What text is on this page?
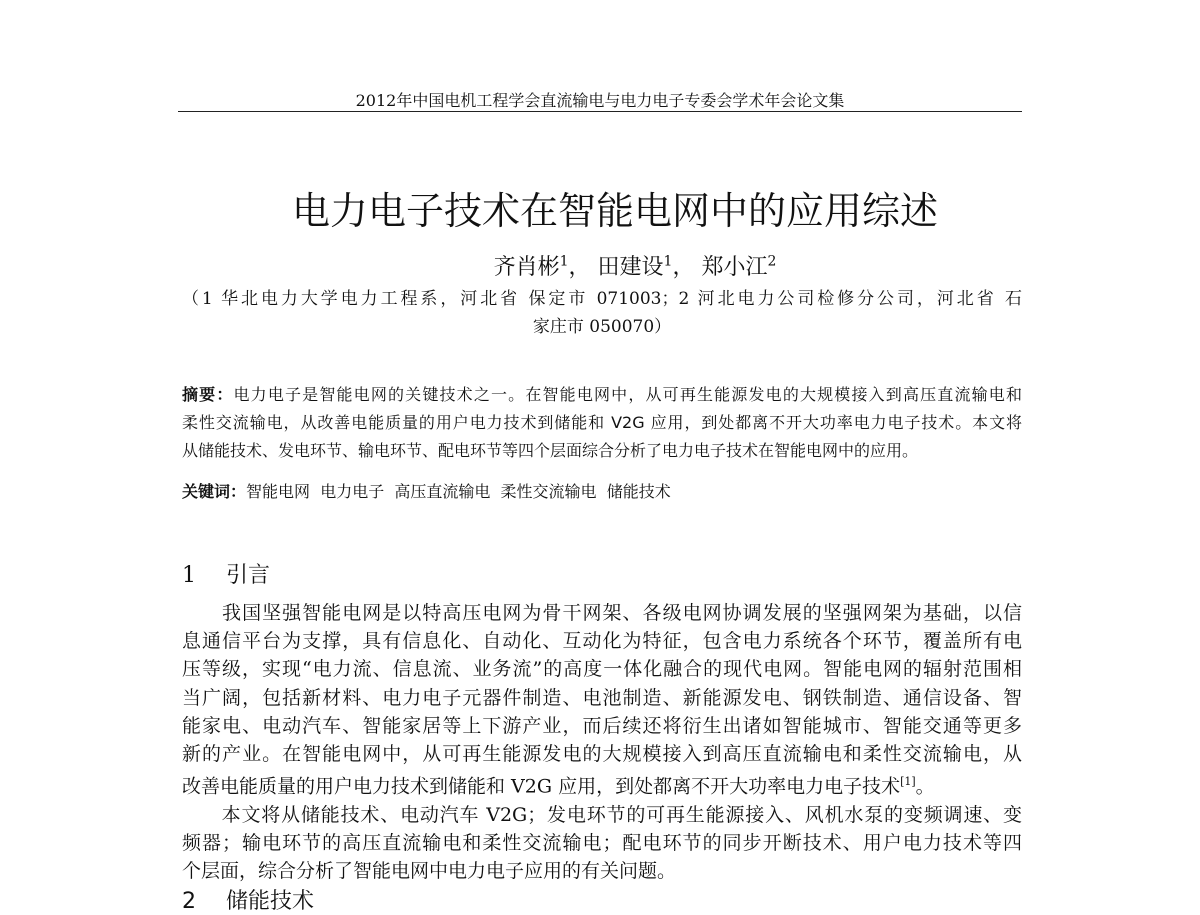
2012年中国电机工程学会直流输电与电力电子专委会学术年会论文集
电力电子技术在智能电网中的应用综述
齐肖彬$^1$， 田建设$^1$， 郑小江$^2$
（1 华北电力大学电力工程系，河北省 保定市 071003；2 河北电力公司检修分公司，河北省 石
家庄市 050070）
摘要：电力电子是智能电网的关键技术之一。在智能电网中，从可再生能源发电的大规模接入到高压直流输电和
柔性交流输电，从改善电能质量的用户电力技术到储能和 V2G 应用，到处都离不开大功率电力电子技术。本文将
从储能技术、发电环节、输电环节、配电环节等四个层面综合分析了电力电子技术在智能电网中的应用。
关键词：智能电网  电力电子  高压直流输电  柔性交流输电  储能技术
1 引言
　　我国坚强智能电网是以特高压电网为骨干网架、各级电网协调发展的坚强网架为基础，以信
息通信平台为支撑，具有信息化、自动化、互动化为特征，包含电力系统各个环节，覆盖所有电
压等级，实现“电力流、信息流、业务流”的高度一体化融合的现代电网。智能电网的辐射范围相
当广阔，包括新材料、电力电子元器件制造、电池制造、新能源发电、钢铁制造、通信设备、智
能家电、电动汽车、智能家居等上下游产业，而后续还将衍生出诸如智能城市、智能交通等更多
新的产业。在智能电网中，从可再生能源发电的大规模接入到高压直流输电和柔性交流输电，从
改善电能质量的用户电力技术到储能和 V2G 应用，到处都离不开大功率电力电子技术[1]。
　　本文将从储能技术、电动汽车 V2G；发电环节的可再生能源接入、风机水泵的变频调速、变
频器；输电环节的高压直流输电和柔性交流输电；配电环节的同步开断技术、用户电力技术等四
个层面，综合分析了智能电网中电力电子应用的有关问题。
2 储能技术
